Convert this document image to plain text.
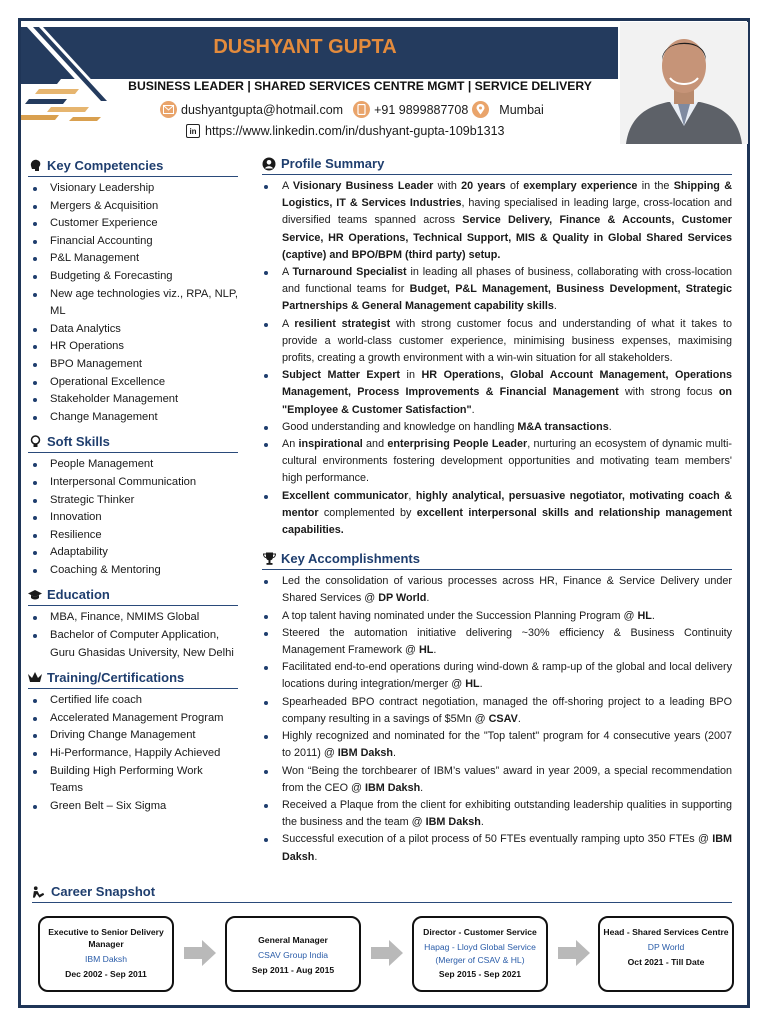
DUSHYANT GUPTA
BUSINESS LEADER | SHARED SERVICES CENTRE MGMT | SERVICE DELIVERY
dushyantgupta@hotmail.com +91 9899887708 Mumbai
in https://www.linkedin.com/in/dushyant-gupta-109b1313
Key Competencies
Visionary Leadership
Mergers & Acquisition
Customer Experience
Financial Accounting
P&L Management
Budgeting & Forecasting
New age technologies viz., RPA, NLP, ML
Data Analytics
HR Operations
BPO Management
Operational Excellence
Stakeholder Management
Change Management
Soft Skills
People Management
Interpersonal Communication
Strategic Thinker
Innovation
Resilience
Adaptability
Coaching & Mentoring
Education
MBA, Finance, NMIMS Global
Bachelor of Computer Application, Guru Ghasidas University, New Delhi
Training/Certifications
Certified life coach
Accelerated Management Program
Driving Change Management
Hi-Performance, Happily Achieved
Building High Performing Work Teams
Green Belt – Six Sigma
Profile Summary
A Visionary Business Leader with 20 years of exemplary experience in the Shipping & Logistics, IT & Services Industries, having specialised in leading large, cross-location and diversified teams spanned across Service Delivery, Finance & Accounts, Customer Service, HR Operations, Technical Support, MIS & Quality in Global Shared Services (captive) and BPO/BPM (third party) setup.
A Turnaround Specialist in leading all phases of business, collaborating with cross-location and functional teams for Budget, P&L Management, Business Development, Strategic Partnerships & General Management capability skills.
A resilient strategist with strong customer focus and understanding of what it takes to provide a world-class customer experience, minimising business expenses, maximising profits, creating a growth environment with a win-win situation for all stakeholders.
Subject Matter Expert in HR Operations, Global Account Management, Operations Management, Process Improvements & Financial Management with strong focus on "Employee & Customer Satisfaction".
Good understanding and knowledge on handling M&A transactions.
An inspirational and enterprising People Leader, nurturing an ecosystem of dynamic multi-cultural environments fostering development opportunities and motivating team members' high performance.
Excellent communicator, highly analytical, persuasive negotiator, motivating coach & mentor complemented by excellent interpersonal skills and relationship management capabilities.
Key Accomplishments
Led the consolidation of various processes across HR, Finance & Service Delivery under Shared Services @ DP World.
A top talent having nominated under the Succession Planning Program @ HL.
Steered the automation initiative delivering ~30% efficiency & Business Continuity Management Framework @ HL.
Facilitated end-to-end operations during wind-down & ramp-up of the global and local delivery locations during integration/merger @ HL.
Spearheaded BPO contract negotiation, managed the off-shoring project to a leading BPO company resulting in a savings of $5Mn @ CSAV.
Highly recognized and nominated for the "Top talent" program for 4 consecutive years (2007 to 2011) @ IBM Daksh.
Won “Being the torchbearer of IBM’s values” award in year 2009, a special recommendation from the CEO @ IBM Daksh.
Received a Plaque from the client for exhibiting outstanding leadership qualities in supporting the business and the team @ IBM Daksh.
Successful execution of a pilot process of 50 FTEs eventually ramping upto 350 FTEs @ IBM Daksh.
Career Snapshot
Executive to Senior Delivery Manager
IBM Daksh
Dec 2002 - Sep 2011
General Manager
CSAV Group India
Sep 2011 - Aug 2015
Director - Customer Service
Hapag - Lloyd Global Service
(Merger of CSAV & HL)
Sep 2015 - Sep 2021
Head - Shared Services Centre
DP World
Oct 2021 - Till Date
